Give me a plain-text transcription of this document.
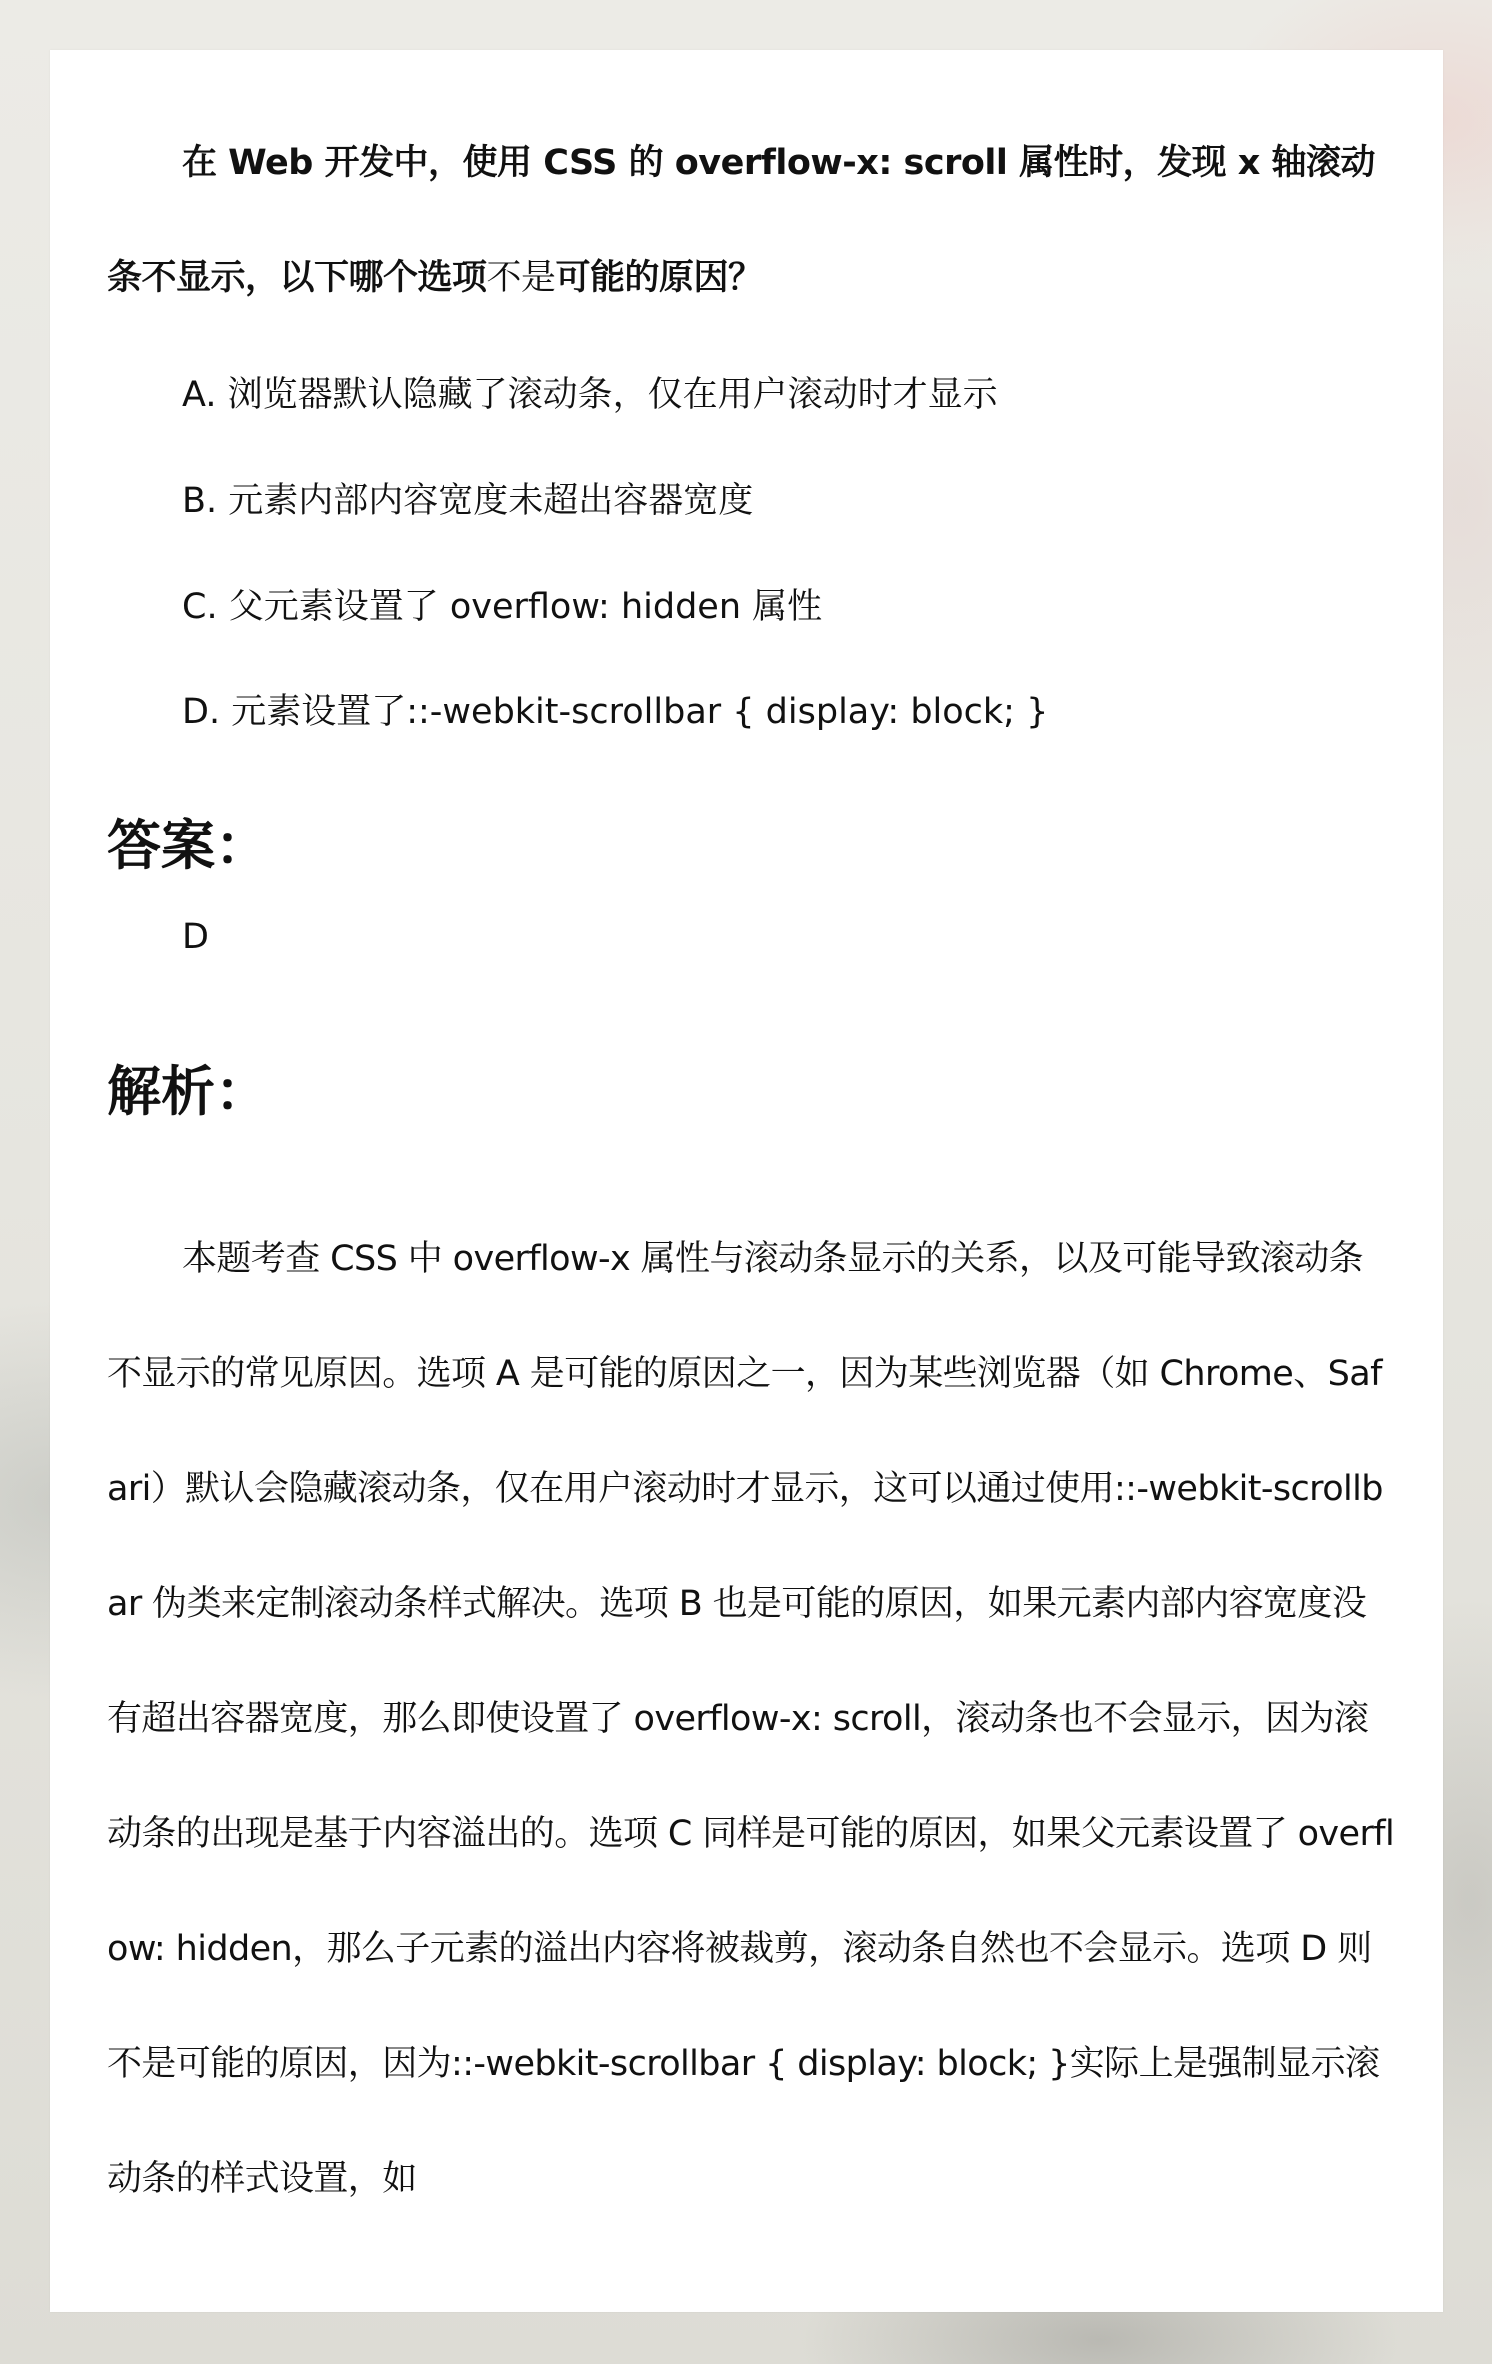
在 Web 开发中，使用 CSS 的 overflow-x: scroll 属性时，发现 x 轴滚动条不显示，以下哪个选项不是可能的原因？
A. 浏览器默认隐藏了滚动条，仅在用户滚动时才显示
B. 元素内部内容宽度未超出容器宽度
C. 父元素设置了 overflow: hidden 属性
D. 元素设置了::-webkit-scrollbar { display: block; }
答案：
D
解析：
本题考查 CSS 中 overflow-x 属性与滚动条显示的关系，以及可能导致滚动条不显示的常见原因。选项 A 是可能的原因之一，因为某些浏览器（如 Chrome、Safari）默认会隐藏滚动条，仅在用户滚动时才显示，这可以通过使用::-webkit-scrollbar 伪类来定制滚动条样式解决。选项 B 也是可能的原因，如果元素内部内容宽度没有超出容器宽度，那么即使设置了 overflow-x: scroll，滚动条也不会显示，因为滚动条的出现是基于内容溢出的。选项 C 同样是可能的原因，如果父元素设置了 overflow: hidden，那么子元素的溢出内容将被裁剪，滚动条自然也不会显示。选项 D 则不是可能的原因，因为::-webkit-scrollbar { display: block; }实际上是强制显示滚动条的样式设置，如
